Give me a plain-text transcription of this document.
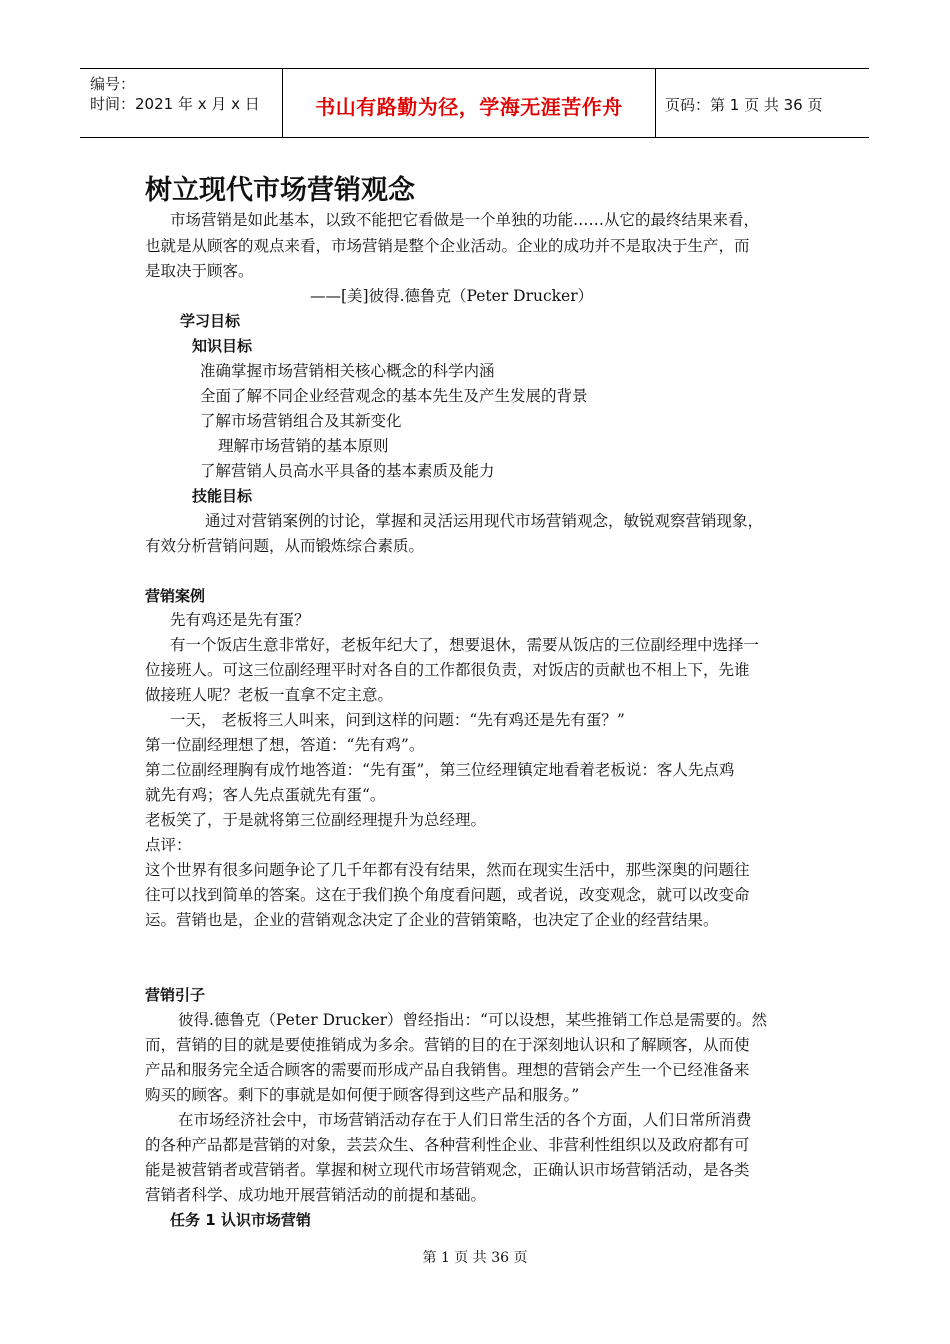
编号：
时间：2021 年 x 月 x 日	书山有路勤为径，学海无涯苦作舟	页码：第 1 页 共 36 页
树立现代市场营销观念
市场营销是如此基本，以致不能把它看做是一个单独的功能……从它的最终结果来看，
也就是从顾客的观点来看，市场营销是整个企业活动。企业的成功并不是取决于生产，而
是取决于顾客。
——[美]彼得.德鲁克（Peter Drucker）
学习目标
知识目标
准确掌握市场营销相关核心概念的科学内涵
全面了解不同企业经营观念的基本先生及产生发展的背景
了解市场营销组合及其新变化
理解市场营销的基本原则
了解营销人员高水平具备的基本素质及能力
技能目标
通过对营销案例的讨论，掌握和灵活运用现代市场营销观念，敏锐观察营销现象，
有效分析营销问题，从而锻炼综合素质。
营销案例
先有鸡还是先有蛋？
有一个饭店生意非常好，老板年纪大了，想要退休，需要从饭店的三位副经理中选择一
位接班人。可这三位副经理平时对各自的工作都很负责，对饭店的贡献也不相上下，先谁
做接班人呢？老板一直拿不定主意。
一天， 老板将三人叫来，问到这样的问题：“先有鸡还是先有蛋？”
第一位副经理想了想，答道：“先有鸡”。
第二位副经理胸有成竹地答道：“先有蛋”，第三位经理镇定地看着老板说：客人先点鸡
就先有鸡；客人先点蛋就先有蛋“。
老板笑了，于是就将第三位副经理提升为总经理。
点评：
这个世界有很多问题争论了几千年都有没有结果，然而在现实生活中，那些深奥的问题往
往可以找到简单的答案。这在于我们换个角度看问题，或者说，改变观念，就可以改变命
运。营销也是，企业的营销观念决定了企业的营销策略，也决定了企业的经营结果。
营销引子
彼得.德鲁克（Peter Drucker）曾经指出：“可以设想，某些推销工作总是需要的。然
而，营销的目的就是要使推销成为多余。营销的目的在于深刻地认识和了解顾客，从而使
产品和服务完全适合顾客的需要而形成产品自我销售。理想的营销会产生一个已经准备来
购买的顾客。剩下的事就是如何便于顾客得到这些产品和服务。”
在市场经济社会中，市场营销活动存在于人们日常生活的各个方面，人们日常所消费
的各种产品都是营销的对象，芸芸众生、各种营利性企业、非营利性组织以及政府都有可
能是被营销者或营销者。掌握和树立现代市场营销观念，正确认识市场营销活动，是各类
营销者科学、成功地开展营销活动的前提和基础。
任务 1 认识市场营销
第 1 页 共 36 页
